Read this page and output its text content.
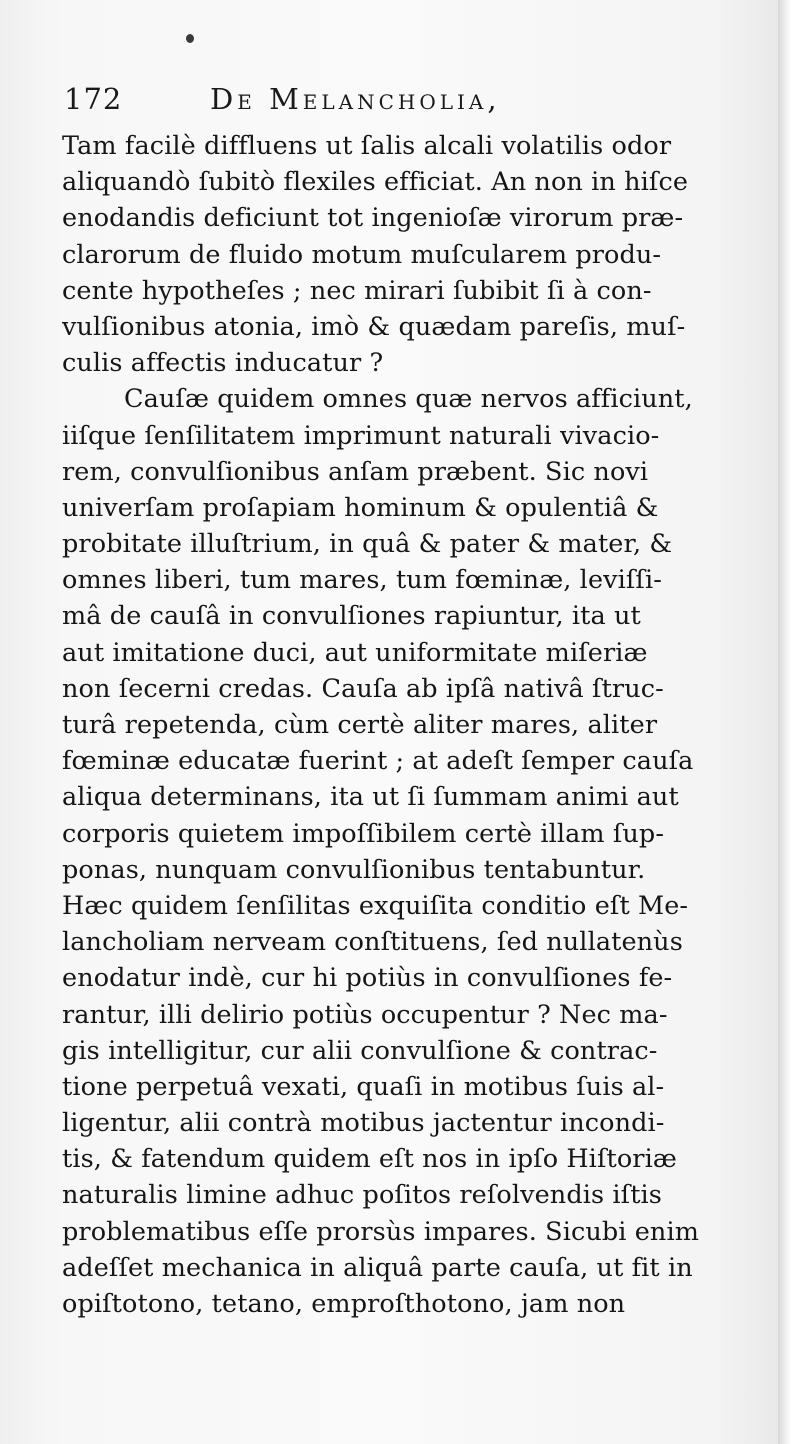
172	De Melancholia,
Tam facilè diffluens ut ſalis alcali volatilis odor
aliquandò ſubitò flexiles efficiat. An non in hiſce
enodandis deficiunt tot ingenioſæ virorum præ-
clarorum de fluido motum muſcularem produ-
cente hypotheſes ; nec mirari ſubibit ſi à con-
vulſionibus atonia, imò & quædam pareſis, muſ-
culis affectis inducatur ?
Cauſæ quidem omnes quæ nervos afficiunt,
iiſque ſenſilitatem imprimunt naturali vivacio-
rem, convulſionibus anſam præbent. Sic novi
univerſam proſapiam hominum & opulentiâ &
probitate illuſtrium, in quâ & pater & mater, &
omnes liberi, tum mares, tum fœminæ, leviſſi-
mâ de cauſâ in convulſiones rapiuntur, ita ut
aut imitatione duci, aut uniformitate miſeriæ
non ſecerni credas. Cauſa ab ipſâ nativâ ſtruc-
turâ repetenda, cùm certè aliter mares, aliter
fœminæ educatæ fuerint ; at adeſt ſemper cauſa
aliqua determinans, ita ut ſi ſummam animi aut
corporis quietem impoſſibilem certè illam ſup-
ponas, nunquam convulſionibus tentabuntur.
Hæc quidem ſenſilitas exquiſita conditio eſt Me-
lancholiam nerveam conſtituens, ſed nullatenùs
enodatur indè, cur hi potiùs in convulſiones fe-
rantur, illi delirio potiùs occupentur ? Nec ma-
gis intelligitur, cur alii convulſione & contrac-
tione perpetuâ vexati, quaſi in motibus ſuis al-
ligentur, alii contrà motibus jactentur incondi-
tis, & fatendum quidem eſt nos in ipſo Hiſtoriæ
naturalis limine adhuc poſitos reſolvendis iſtis
problematibus eſſe prorsùs impares. Sicubi enim
adeſſet mechanica in aliquâ parte cauſa, ut fit in
opiſtotono, tetano, emproſthotono, jam non
